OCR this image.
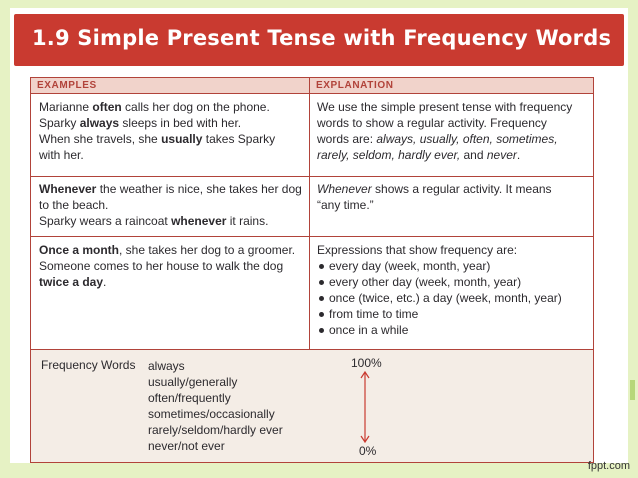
1.9 Simple Present Tense with Frequency Words
EXAMPLES	EXPLANATION
Marianne often calls her dog on the phone.
Sparky always sleeps in bed with her.
When she travels, she usually takes Sparky
with her.
We use the simple present tense with frequency
words to show a regular activity. Frequency
words are: always, usually, often, sometimes,
rarely, seldom, hardly ever, and never.
Whenever the weather is nice, she takes her dog
to the beach.
Sparky wears a raincoat whenever it rains.
Whenever shows a regular activity. It means
“any time.”
Once a month, she takes her dog to a groomer.
Someone comes to her house to walk the dog
twice a day.
Expressions that show frequency are:
every day (week, month, year)
every other day (week, month, year)
once (twice, etc.) a day (week, month, year)
from time to time
once in a while
Frequency Words always
usually/generally
often/frequently
sometimes/occasionally
rarely/seldom/hardly ever
never/not ever
100%
0%
fppt.com
